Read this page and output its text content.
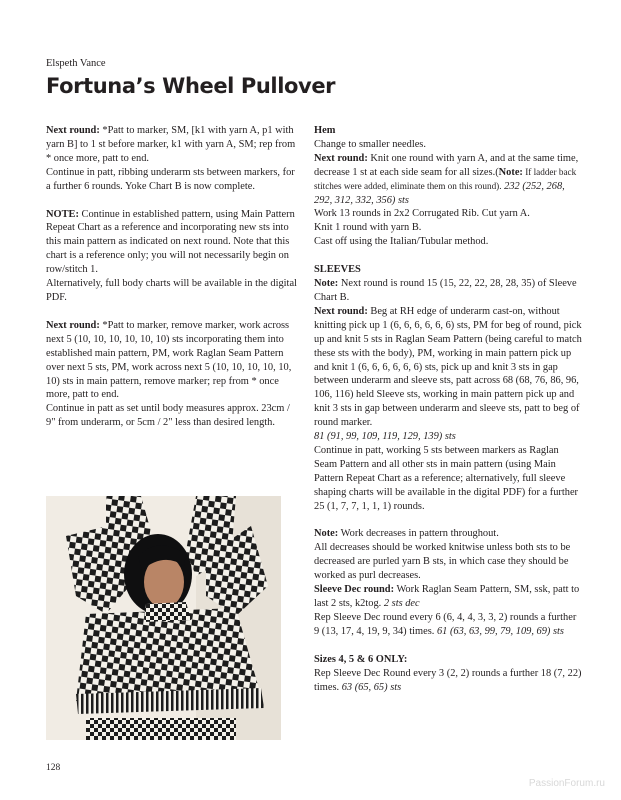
Elspeth Vance
Fortuna’s Wheel Pullover

Next round: *Patt to marker, SM, [k1 with yarn A, p1 with yarn B] to 1 st before marker, k1 with yarn A, SM; rep from * once more, patt to end.
Continue in patt, ribbing underarm sts between markers, for a further 6 rounds. Yoke Chart B is now complete.

NOTE: Continue in established pattern, using Main Pattern Repeat Chart as a reference and incorporating new sts into this main pattern as indicated on next round. Note that this chart is a reference only; you will not necessarily begin on row/stitch 1.
Alternatively, full body charts will be available in the digital PDF.

Next round: *Patt to marker, remove marker, work across next 5 (10, 10, 10, 10, 10, 10) sts incorporating them into established main pattern, PM, work Raglan Seam Pattern over next 5 sts, PM, work across next 5 (10, 10, 10, 10, 10, 10) sts in main pattern, remove marker; rep from * once more, patt to end.
Continue in patt as set until body measures approx. 23cm / 9" from underarm, or 5cm / 2" less than desired length.

Hem
Change to smaller needles.
Next round: Knit one round with yarn A, and at the same time, decrease 1 st at each side seam for all sizes.(Note: If ladder back stitches were added, eliminate them on this round). 232 (252, 268, 292, 312, 332, 356) sts
Work 13 rounds in 2x2 Corrugated Rib. Cut yarn A.
Knit 1 round with yarn B.
Cast off using the Italian/Tubular method.

SLEEVES
Note: Next round is round 15 (15, 22, 22, 28, 28, 35) of Sleeve Chart B.
Next round: Beg at RH edge of underarm cast-on, without knitting pick up 1 (6, 6, 6, 6, 6, 6) sts, PM for beg of round, pick up and knit 5 sts in Raglan Seam Pattern (being careful to match these sts with the body), PM, working in main pattern pick up and knit 1 (6, 6, 6, 6, 6, 6) sts, pick up and knit 3 sts in gap between underarm and sleeve sts, patt across 68 (68, 76, 86, 96, 106, 116) held Sleeve sts, working in main pattern pick up and knit 3 sts in gap between underarm and sleeve sts, patt to beg of round marker.
81 (91, 99, 109, 119, 129, 139) sts
Continue in patt, working 5 sts between markers as Raglan Seam Pattern and all other sts in main pattern (using Main Pattern Repeat Chart as a reference; alternatively, full sleeve shaping charts will be available in the digital PDF) for a further 25 (1, 7, 7, 1, 1, 1) rounds.

Note: Work decreases in pattern throughout.
All decreases should be worked knitwise unless both sts to be decreased are purled yarn B sts, in which case they should be worked as purl decreases.
Sleeve Dec round: Work Raglan Seam Pattern, SM, ssk, patt to last 2 sts, k2tog. 2 sts dec
Rep Sleeve Dec round every 6 (6, 4, 4, 3, 3, 2) rounds a further 9 (13, 17, 4, 19, 9, 34) times. 61 (63, 63, 99, 79, 109, 69) sts

Sizes 4, 5 & 6 ONLY:
Rep Sleeve Dec Round every 3 (2, 2) rounds a further 18 (7, 22) times. 63 (65, 65) sts

128
PassionForum.ru
